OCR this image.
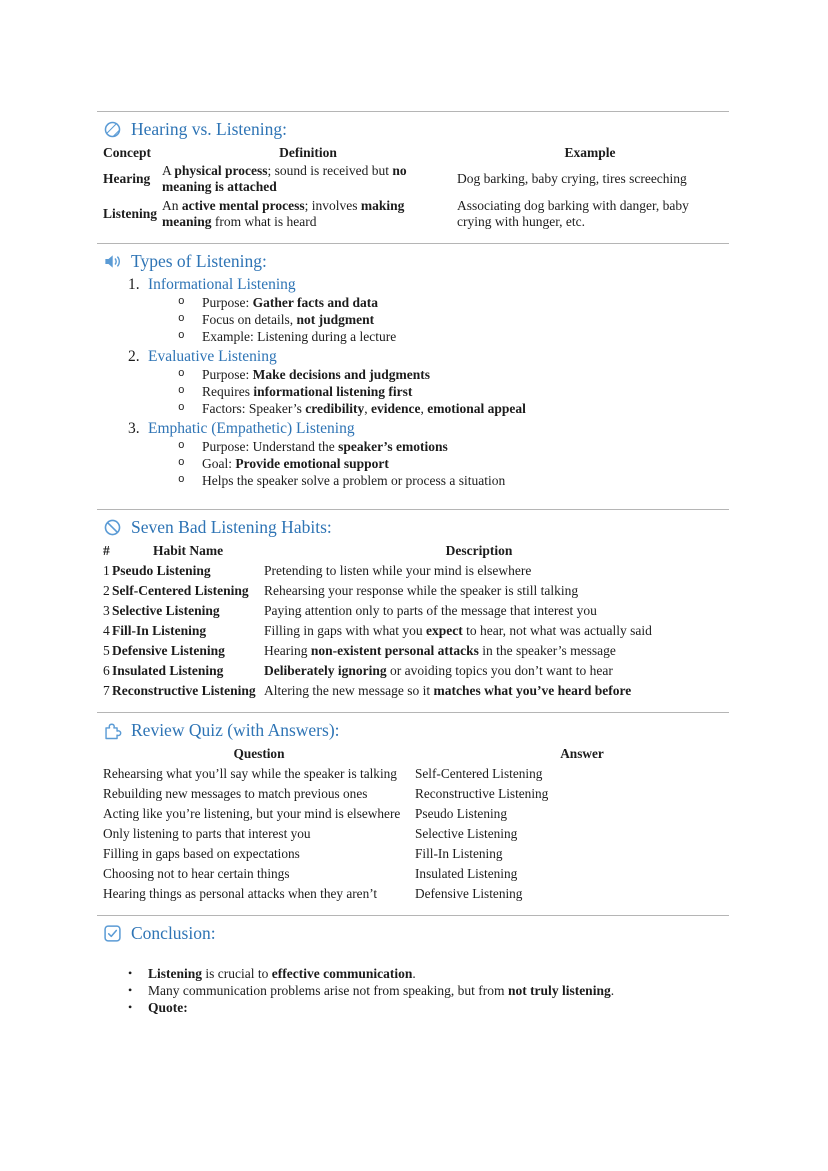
Hearing vs. Listening:
Concept	Definition		Example
Hearing	A physical process; sound is received but no meaning is attached		Dog barking, baby crying, tires screeching
Listening	An active mental process; involves making meaning from what is heard		Associating dog barking with danger, baby crying with hunger, etc.
Types of Listening:
1. Informational Listening
o	Purpose: Gather facts and data
o	Focus on details, not judgment
o	Example: Listening during a lecture
2. Evaluative Listening
o	Purpose: Make decisions and judgments
o	Requires informational listening first
o	Factors: Speaker’s credibility, evidence, emotional appeal
3. Emphatic (Empathetic) Listening
o	Purpose: Understand the speaker’s emotions
o	Goal: Provide emotional support
o	Helps the speaker solve a problem or process a situation
Seven Bad Listening Habits:
#	Habit Name	Description	
1	Pseudo Listening	Pretending to listen while your mind is elsewhere	
2	Self-Centered Listening	Rehearsing your response while the speaker is still talking	
3	Selective Listening	Paying attention only to parts of the message that interest you	
4	Fill-In Listening	Filling in gaps with what you expect to hear, not what was actually said	
5	Defensive Listening	Hearing non-existent personal attacks in the speaker’s message	
6	Insulated Listening	Deliberately ignoring or avoiding topics you don’t want to hear	
7	Reconstructive Listening	Altering the new message so it matches what you’ve heard before	
Review Quiz (with Answers):
Question	Answer	
Rehearsing what you’ll say while the speaker is talking	Self-Centered Listening	
Rebuilding new messages to match previous ones	Reconstructive Listening	
Acting like you’re listening, but your mind is elsewhere	Pseudo Listening	
Only listening to parts that interest you	Selective Listening	
Filling in gaps based on expectations	Fill-In Listening	
Choosing not to hear certain things	Insulated Listening	
Hearing things as personal attacks when they aren’t	Defensive Listening	
Conclusion:
•	Listening is crucial to effective communication.
•	Many communication problems arise not from speaking, but from not truly listening.
•	Quote:
